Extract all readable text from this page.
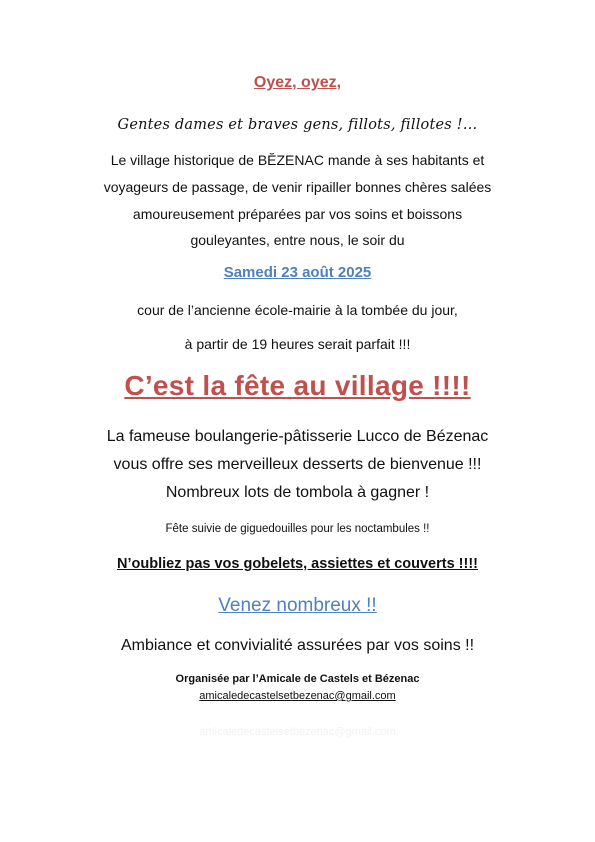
Oyez, oyez,
Gentes dames et braves gens, fillots, fillotes !…
Le village historique de BĔZENAC mande à ses habitants et
voyageurs de passage, de venir ripailler bonnes chères salées
amoureusement préparées par vos soins et boissons
gouleyantes, entre nous, le soir du
Samedi 23 août 2025
cour de l’ancienne école-mairie à la tombée du jour,
à partir de 19 heures serait parfait !!!
C’est la fête au village !!!!
La fameuse boulangerie-pâtisserie Lucco de Bézenac
vous offre ses merveilleux desserts de bienvenue !!!
Nombreux lots de tombola à gagner !
Fête suivie de giguedouilles pour les noctambules !!
N’oubliez pas vos gobelets, assiettes et couverts !!!!
Venez nombreux !!
Ambiance et convivialité assurées par vos soins !!
Organisée par l’Amicale de Castels et Bézenac
amicaledecastelsetbezenac@gmail.com
amicaledecastelsetbezenac@gmail.com
